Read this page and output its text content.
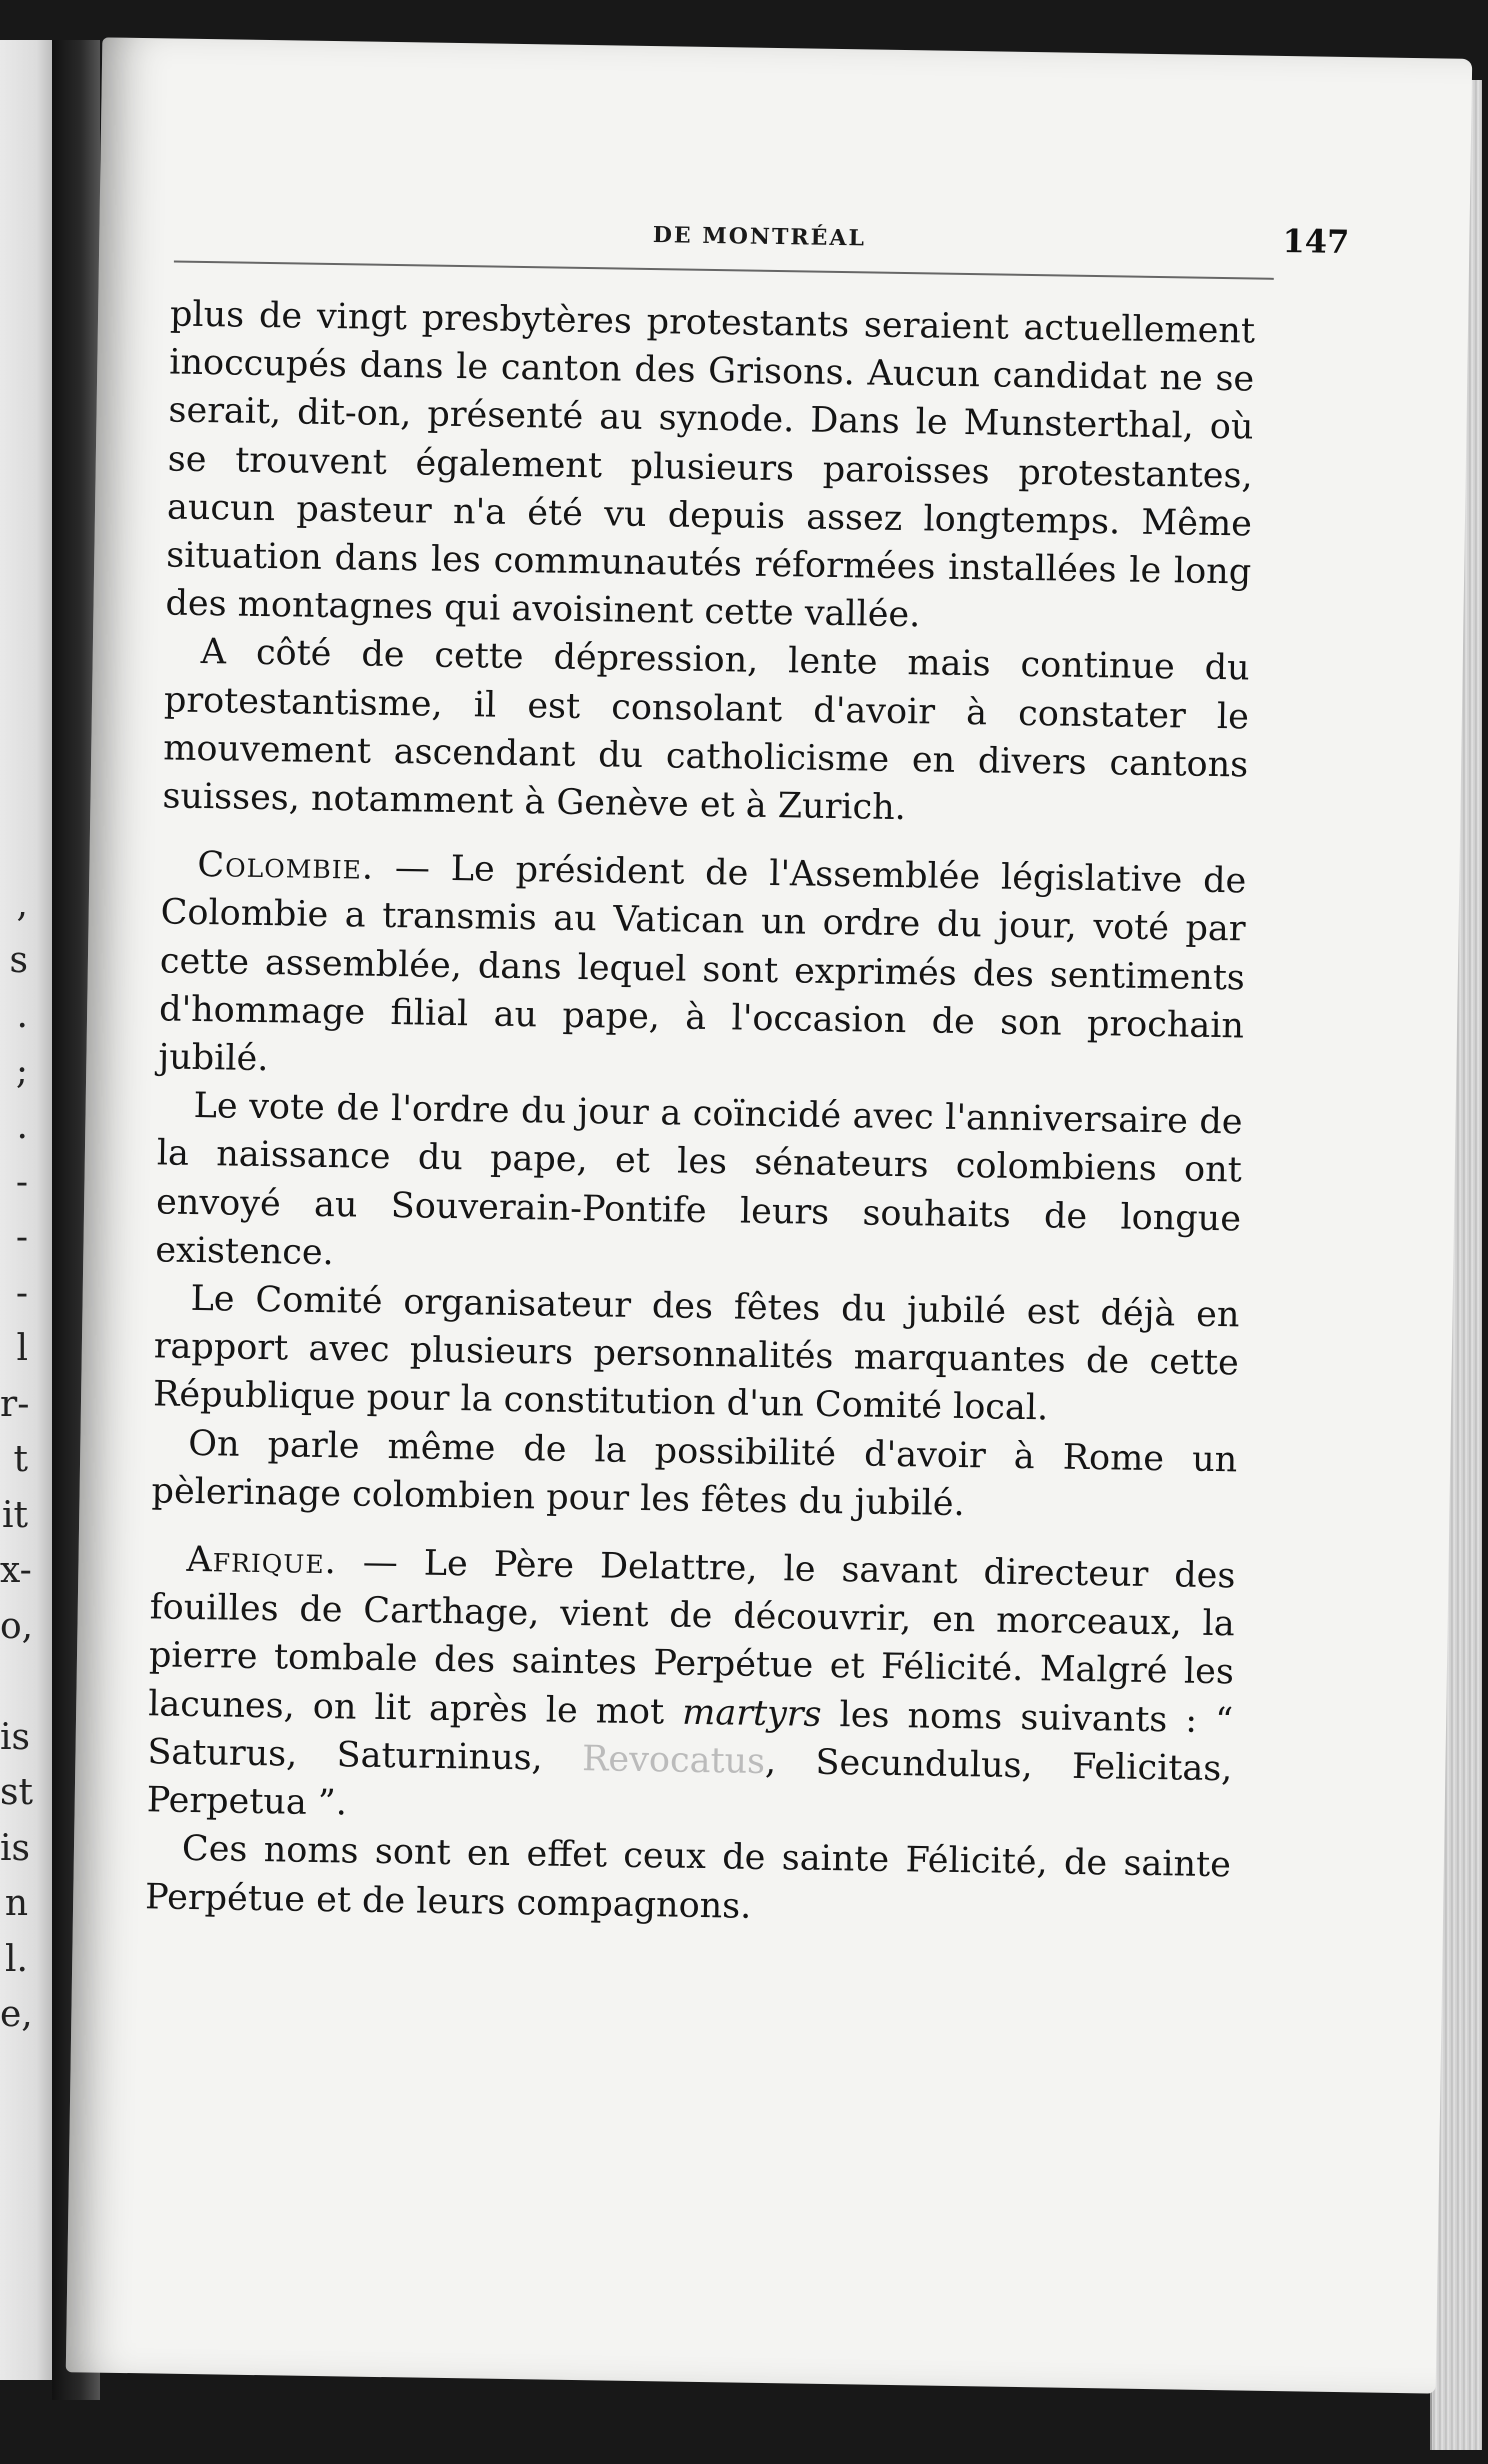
,
s
.
;
.
-
-
-
l
r-
t
it
x-
o,
is
st
is
n
l.
e,
DE MONTRÉAL	147

plus de vingt presbytères protestants seraient actuellement inoccupés dans le canton des Grisons. Aucun candidat ne se serait, dit-on, présenté au synode. Dans le Munsterthal, où se trouvent également plusieurs paroisses protestantes, aucun pasteur n'a été vu depuis assez longtemps. Même situation dans les communautés réformées installées le long des montagnes qui avoisinent cette vallée.

A côté de cette dépression, lente mais continue du protestantisme, il est consolant d'avoir à constater le mouvement ascendant du catholicisme en divers cantons suisses, notamment à Genève et à Zurich.

Colombie. — Le président de l'Assemblée législative de Colombie a transmis au Vatican un ordre du jour, voté par cette assemblée, dans lequel sont exprimés des sentiments d'hommage filial au pape, à l'occasion de son prochain jubilé.

Le vote de l'ordre du jour a coïncidé avec l'anniversaire de la naissance du pape, et les sénateurs colombiens ont envoyé au Souverain-Pontife leurs souhaits de longue existence.

Le Comité organisateur des fêtes du jubilé est déjà en rapport avec plusieurs personnalités marquantes de cette République pour la constitution d'un Comité local.

On parle même de la possibilité d'avoir à Rome un pèlerinage colombien pour les fêtes du jubilé.

Afrique. — Le Père Delattre, le savant directeur des fouilles de Carthage, vient de découvrir, en morceaux, la pierre tombale des saintes Perpétue et Félicité. Malgré les lacunes, on lit après le mot martyrs les noms suivants : “ Saturus, Saturninus, Revocatus, Secundulus, Felicitas, Perpetua ”.

Ces noms sont en effet ceux de sainte Félicité, de sainte Perpétue et de leurs compagnons.
